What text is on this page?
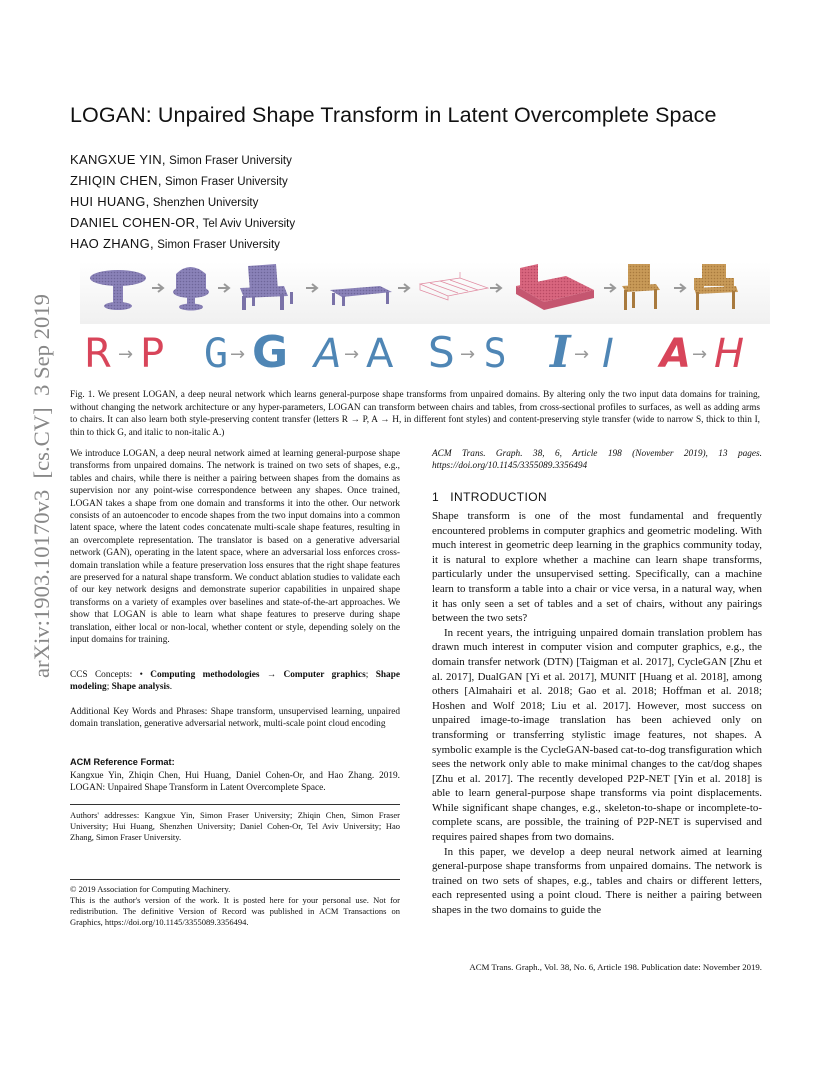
LOGAN: Unpaired Shape Transform in Latent Overcomplete Space
KANGXUE YIN, Simon Fraser University
ZHIQIN CHEN, Simon Fraser University
HUI HUANG, Shenzhen University
DANIEL COHEN-OR, Tel Aviv University
HAO ZHANG, Simon Fraser University
arXiv:1903.10170v3  [cs.CV]  3 Sep 2019 R → P G → G A → A S → S I → I A → H
Fig. 1. We present LOGAN, a deep neural network which learns general-purpose shape transforms from unpaired domains. By altering only the two input data domains for training, without changing the network architecture or any hyper-parameters, LOGAN can transform between chairs and tables, from cross-sectional profiles to surfaces, as well as adding arms to chairs. It can also learn both style-preserving content transfer (letters R → P, A → H, in different font styles) and content-preserving style transfer (wide to narrow S, thick to thin I, thin to thick G, and italic to non-italic A.)
We introduce LOGAN, a deep neural network aimed at learning general-purpose shape transforms from unpaired domains. The network is trained on two sets of shapes, e.g., tables and chairs, while there is neither a pairing between shapes from the domains as supervision nor any point-wise correspondence between any shapes. Once trained, LOGAN takes a shape from one domain and transforms it into the other. Our network consists of an autoencoder to encode shapes from the two input domains into a common latent space, where the latent codes concatenate multi-scale shape features, resulting in an overcomplete representation. The translator is based on a generative adversarial network (GAN), operating in the latent space, where an adversarial loss enforces cross-domain translation while a feature preservation loss ensures that the right shape features are preserved for a natural shape transform. We conduct ablation studies to validate each of our key network designs and demonstrate superior capabilities in unpaired shape transforms on a variety of examples over baselines and state-of-the-art approaches. We show that LOGAN is able to learn what shape features to preserve during shape translation, either local or non-local, whether content or style, depending solely on the input domains for training.
CCS Concepts: • Computing methodologies → Computer graphics; Shape modeling; Shape analysis.
Additional Key Words and Phrases: Shape transform, unsupervised learning, unpaired domain translation, generative adversarial network, multi-scale point cloud encoding
ACM Reference Format:
Kangxue Yin, Zhiqin Chen, Hui Huang, Daniel Cohen-Or, and Hao Zhang. 2019. LOGAN: Unpaired Shape Transform in Latent Overcomplete Space.
Authors' addresses: Kangxue Yin, Simon Fraser University; Zhiqin Chen, Simon Fraser University; Hui Huang, Shenzhen University; Daniel Cohen-Or, Tel Aviv University; Hao Zhang, Simon Fraser University.
© 2019 Association for Computing Machinery.
This is the author's version of the work. It is posted here for your personal use. Not for redistribution. The definitive Version of Record was published in ACM Transactions on Graphics, https://doi.org/10.1145/3355089.3356494.
ACM Trans. Graph. 38, 6, Article 198 (November 2019), 13 pages. https://doi.org/10.1145/3355089.3356494
1 INTRODUCTION

Shape transform is one of the most fundamental and frequently encountered problems in computer graphics and geometric modeling. With much interest in geometric deep learning in the graphics community today, it is natural to explore whether a machine can learn shape transforms, particularly under the unsupervised setting. Specifically, can a machine learn to transform a table into a chair or vice versa, in a natural way, when it has only seen a set of tables and a set of chairs, without any pairings between the two sets?

In recent years, the intriguing unpaired domain translation problem has drawn much interest in computer vision and computer graphics, e.g., the domain transfer network (DTN) [Taigman et al. 2017], CycleGAN [Zhu et al. 2017], DualGAN [Yi et al. 2017], MUNIT [Huang et al. 2018], among others [Almahairi et al. 2018; Gao et al. 2018; Hoffman et al. 2018; Hoshen and Wolf 2018; Liu et al. 2017]. However, most success on unpaired image-to-image translation has been achieved only on transforming or transferring stylistic image features, not shapes. A symbolic example is the CycleGAN-based cat-to-dog transfiguration which sees the network only able to make minimal changes to the cat/dog shapes [Zhu et al. 2017]. The recently developed P2P-NET [Yin et al. 2018] is able to learn general-purpose shape transforms via point displacements. While significant shape changes, e.g., skeleton-to-shape or incomplete-to-complete scans, are possible, the training of P2P-NET is supervised and requires paired shapes from two domains.

In this paper, we develop a deep neural network aimed at learning general-purpose shape transforms from unpaired domains. The network is trained on two sets of shapes, e.g., tables and chairs or different letters, each represented using a point cloud. There is neither a pairing between shapes in the two domains to guide the

ACM Trans. Graph., Vol. 38, No. 6, Article 198. Publication date: November 2019.
